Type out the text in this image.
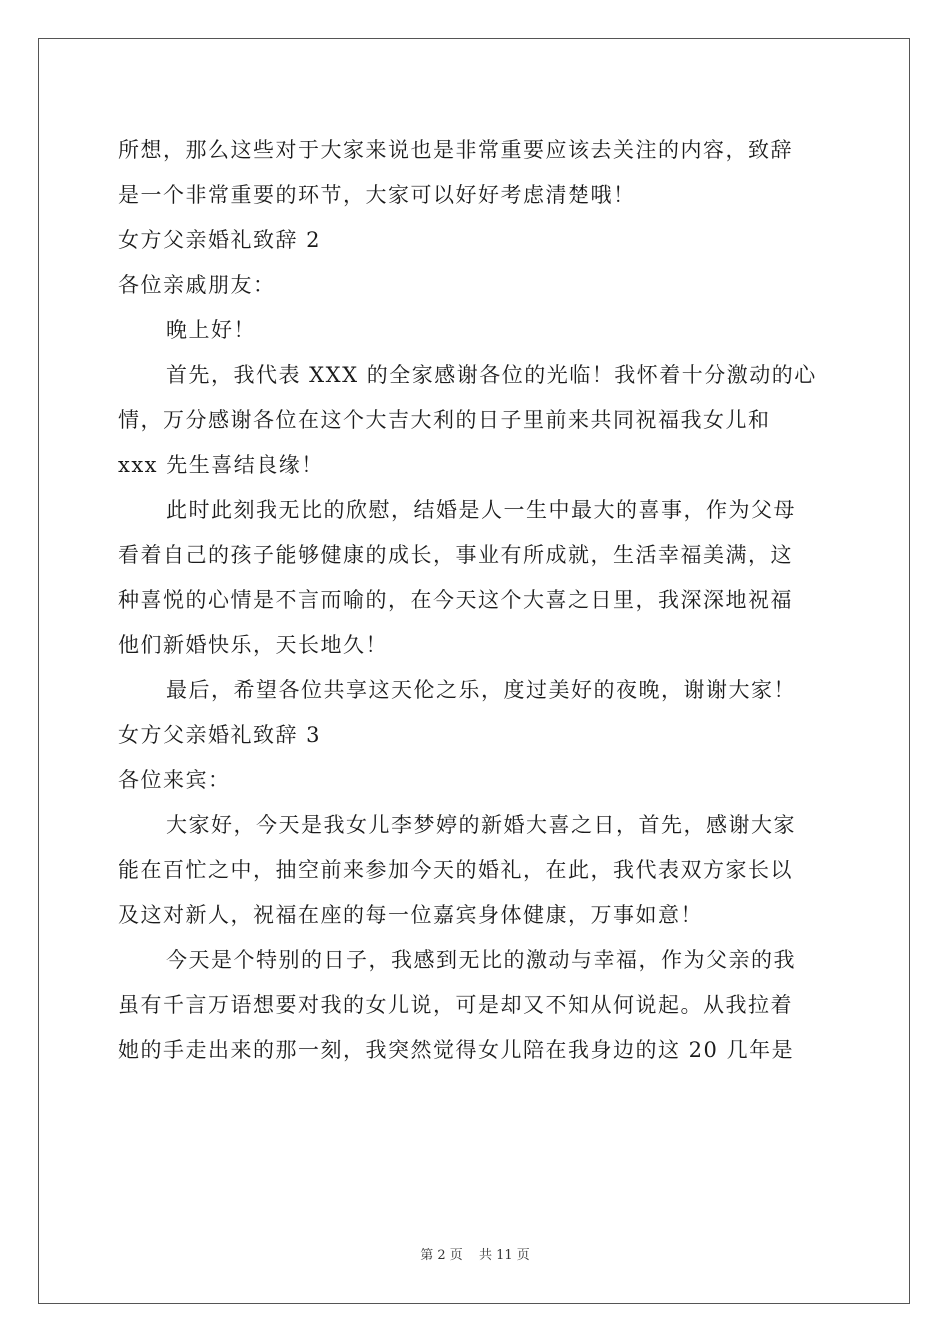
所想，那么这些对于大家来说也是非常重要应该去关注的内容，致辞
是一个非常重要的环节，大家可以好好考虑清楚哦！
女方父亲婚礼致辞 2
各位亲戚朋友：
晚上好！
首先，我代表 XXX 的全家感谢各位的光临！我怀着十分激动的心
情，万分感谢各位在这个大吉大利的日子里前来共同祝福我女儿和
xxx 先生喜结良缘！
此时此刻我无比的欣慰，结婚是人一生中最大的喜事，作为父母
看着自己的孩子能够健康的成长，事业有所成就，生活幸福美满，这
种喜悦的心情是不言而喻的，在今天这个大喜之日里，我深深地祝福
他们新婚快乐，天长地久！
最后，希望各位共享这天伦之乐，度过美好的夜晚，谢谢大家！
女方父亲婚礼致辞 3
各位来宾：
大家好，今天是我女儿李梦婷的新婚大喜之日，首先，感谢大家
能在百忙之中，抽空前来参加今天的婚礼，在此，我代表双方家长以
及这对新人，祝福在座的每一位嘉宾身体健康，万事如意！
今天是个特别的日子，我感到无比的激动与幸福，作为父亲的我
虽有千言万语想要对我的女儿说，可是却又不知从何说起。从我拉着
她的手走出来的那一刻，我突然觉得女儿陪在我身边的这 20 几年是
第 2 页 共 11 页
